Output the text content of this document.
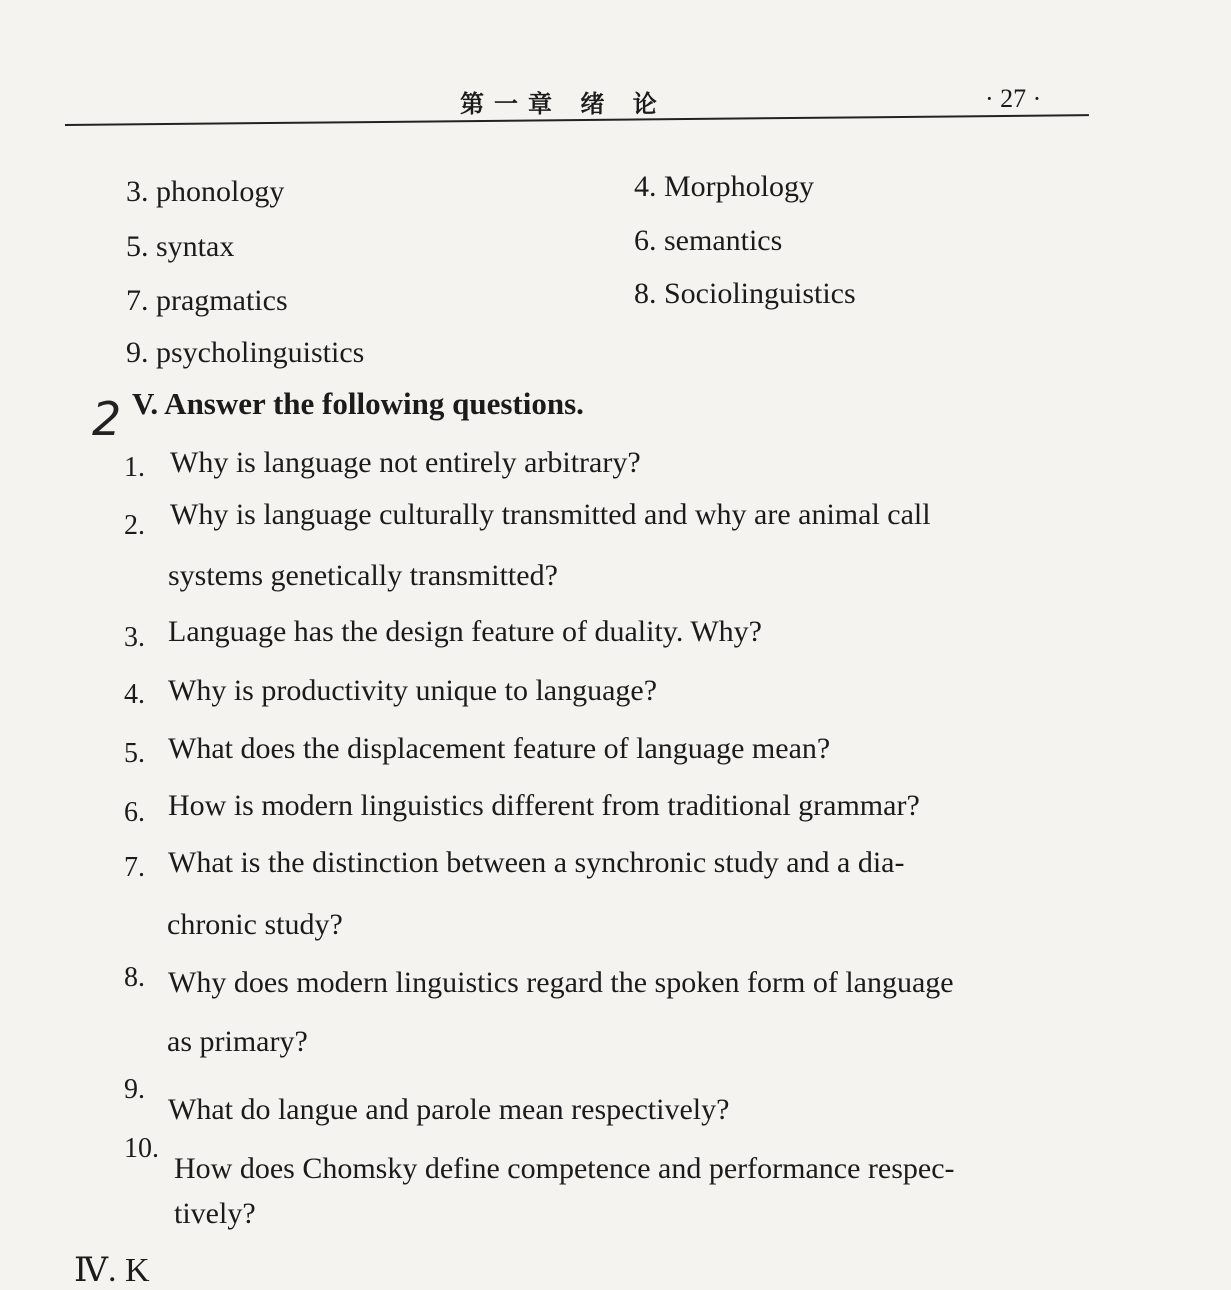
第一章 绪 论	· 27 ·
3. phonology	4. Morphology
5. syntax	6. semantics
7. pragmatics	8. Sociolinguistics
9. psycholinguistics
2 V. Answer the following questions.
1. Why is language not entirely arbitrary?
2. Why is language culturally transmitted and why are animal call
systems genetically transmitted?
3. Language has the design feature of duality. Why?
4. Why is productivity unique to language?
5. What does the displacement feature of language mean?
6. How is modern linguistics different from traditional grammar?
7. What is the distinction between a synchronic study and a dia-
chronic study?
8. Why does modern linguistics regard the spoken form of language
as primary?
9.
What do langue and parole mean respectively?
10.
How does Chomsky define competence and performance respec-
tively?
Ⅳ. K
